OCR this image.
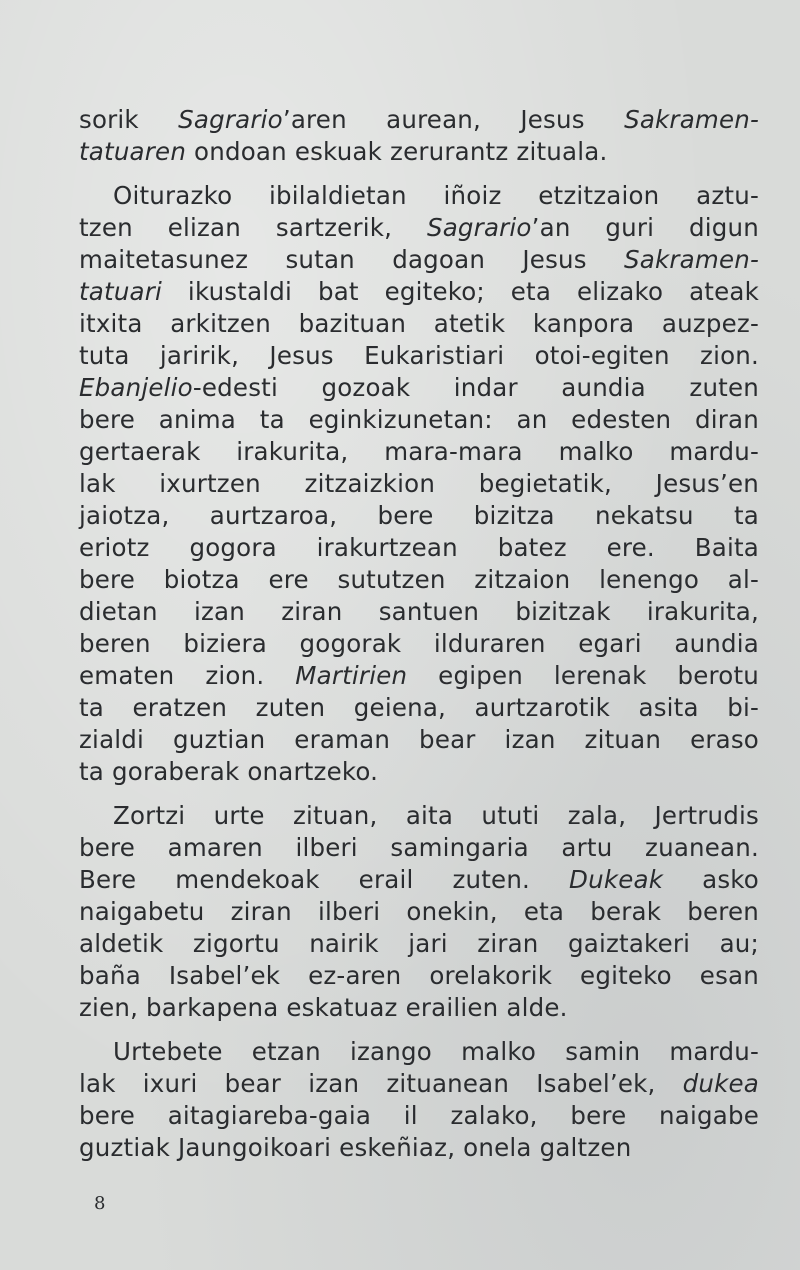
sorik Sagrario’aren aurean, Jesus Sakramen-
tatuaren ondoan eskuak zerurantz zituala.
Oiturazko ibilaldietan iñoiz etzitzaion aztu-
tzen elizan sartzerik, Sagrario’an guri digun
maitetasunez sutan dagoan Jesus Sakramen-
tatuari ikustaldi bat egiteko; eta elizako ateak
itxita arkitzen bazituan atetik kanpora auzpez-
tuta jaririk, Jesus Eukaristiari otoi-egiten zion.
Ebanjelio-edesti gozoak indar aundia zuten
bere anima ta eginkizunetan: an edesten diran
gertaerak irakurita, mara-mara malko mardu-
lak ixurtzen zitzaizkion begietatik, Jesus’en
jaiotza, aurtzaroa, bere bizitza nekatsu ta
eriotz gogora irakurtzean batez ere. Baita
bere biotza ere sututzen zitzaion lenengo al-
dietan izan ziran santuen bizitzak irakurita,
beren biziera gogorak ilduraren egari aundia
ematen zion. Martirien egipen lerenak berotu
ta eratzen zuten geiena, aurtzarotik asita bi-
zialdi guztian eraman bear izan zituan eraso
ta goraberak onartzeko.
Zortzi urte zituan, aita ututi zala, Jertrudis
bere amaren ilberi samingaria artu zuanean.
Bere mendekoak erail zuten. Dukeak asko
naigabetu ziran ilberi onekin, eta berak beren
aldetik zigortu nairik jari ziran gaiztakeri au;
baña Isabel’ek ez-aren orelakorik egiteko esan
zien, barkapena eskatuaz erailien alde.
Urtebete etzan izango malko samin mardu-
lak ixuri bear izan zituanean Isabel’ek, dukea
bere aitagiareba-gaia il zalako, bere naigabe
guztiak Jaungoikoari eskeñiaz, onela galtzen
8
